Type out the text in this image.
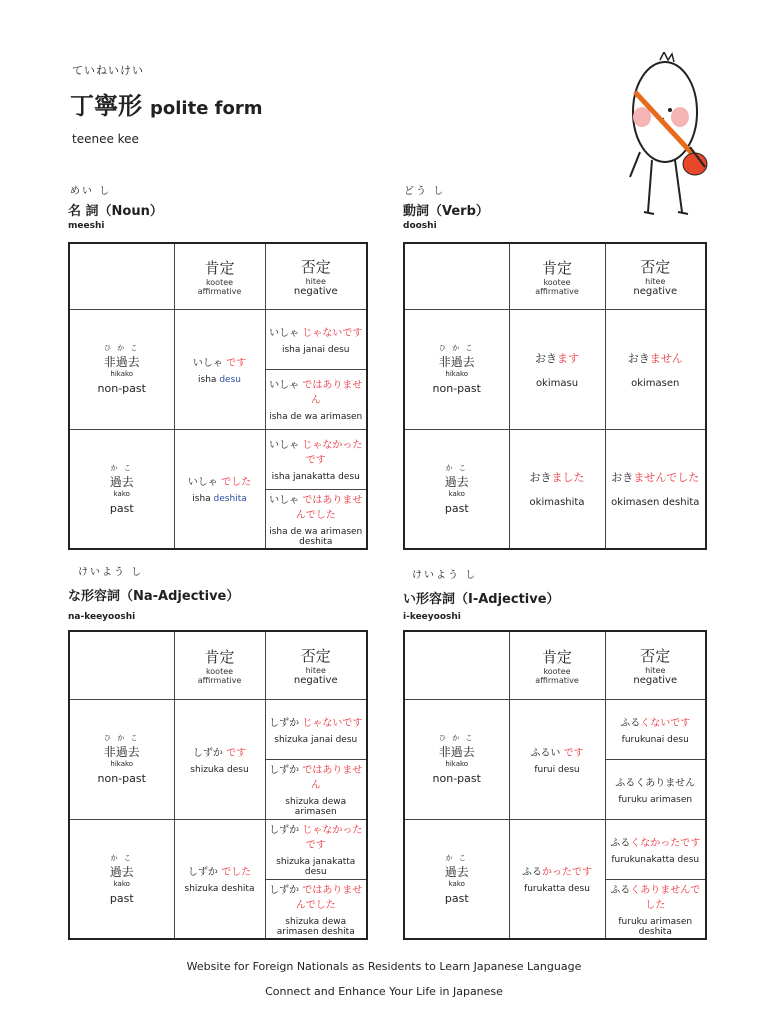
ていねいけい
丁寧形 polite form
teenee kee
めい し
名 詞（Noun）
meeshi

	肯定
kootee
affirmative	否定
hitee
negative

ひ か こ
非過去
hikako
non-past	いしゃ です
isha desu	いしゃ じゃないです
isha janai desu

		いしゃ ではありません
isha de wa arimasen

か こ
過去
kako
past	いしゃ でした
isha deshita	いしゃ じゃなかったです
isha janakatta desu

		いしゃ ではありませんでした
isha de wa arimasen deshita
どう し
動詞（Verb）
dooshi

	肯定
kootee
affirmative	否定
hitee
negative

ひ か こ
非過去
hikako
non-past	おきます
okimasu	おきません
okimasen

か こ
過去
kako
past	おきました
okimashita	おきませんでした
okimasen deshita
けいよう し
な形容詞（Na-Adjective）
na-keeyooshi

	肯定
kootee
affirmative	否定
hitee
negative

ひ か こ
非過去
hikako
non-past	しずか です
shizuka desu	しずか じゃないです
shizuka janai desu

		しずか ではありません
shizuka dewa arimasen

か こ
過去
kako
past	しずか でした
shizuka deshita	しずか じゃなかったです
shizuka janakatta desu

		しずか ではありませんでした
shizuka dewa arimasen deshita
けいよう し
い形容詞（I-Adjective）
i-keeyooshi

	肯定
kootee
affirmative	否定
hitee
negative

ひ か こ
非過去
hikako
non-past	ふるい です
furui desu	ふるくないです
furukunai desu

		ふるくありません
furuku arimasen

か こ
過去
kako
past	ふるかったです
furukatta desu	ふるくなかったです
furukunakatta desu

		ふるくありませんでした
furuku arimasen deshita
Website for Foreign Nationals as Residents to Learn Japanese Language
Connect and Enhance Your Life in Japanese
